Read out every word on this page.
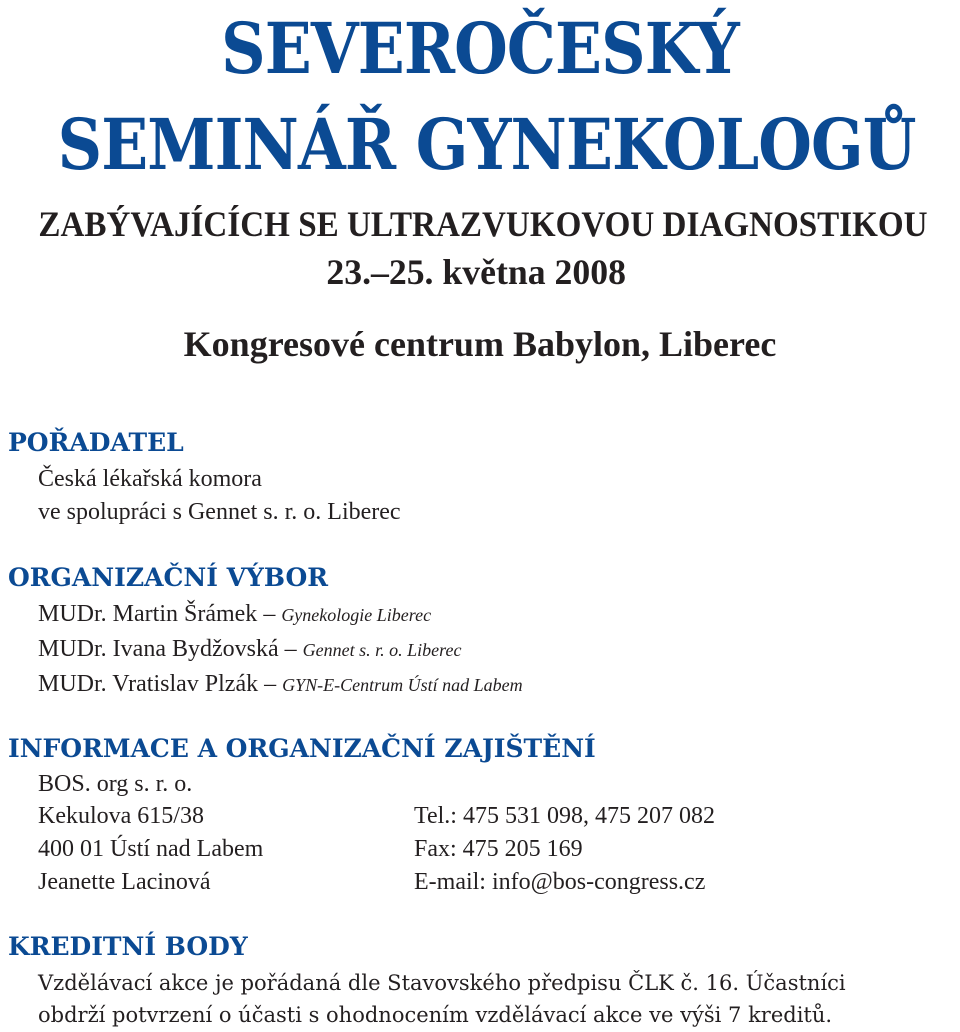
SEVEROČESKÝ
SEMINÁŘ GYNEKOLOGŮ
ZABÝVAJÍCÍCH SE ULTRAZVUKOVOU DIAGNOSTIKOU
23.–25. května 2008
Kongresové centrum Babylon, Liberec
POŘADATEL
Česká lékařská komora
ve spolupráci s Gennet s. r. o. Liberec
ORGANIZAČNÍ VÝBOR
MUDr. Martin Šrámek – Gynekologie Liberec
MUDr. Ivana Bydžovská – Gennet s. r. o. Liberec
MUDr. Vratislav Plzák – GYN-E-Centrum Ústí nad Labem
INFORMACE A ORGANIZAČNÍ ZAJIŠTĚNÍ
BOS. org s. r. o.
Kekulova 615/38	Tel.: 475 531 098, 475 207 082
400 01 Ústí nad Labem	Fax: 475 205 169
Jeanette Lacinová	E-mail: info@bos-congress.cz
KREDITNÍ BODY
Vzdělávací akce je pořádaná dle Stavovského předpisu ČLK č. 16. Účastníci
obdrží potvrzení o účasti s ohodnocením vzdělávací akce ve výši 7 kreditů.
